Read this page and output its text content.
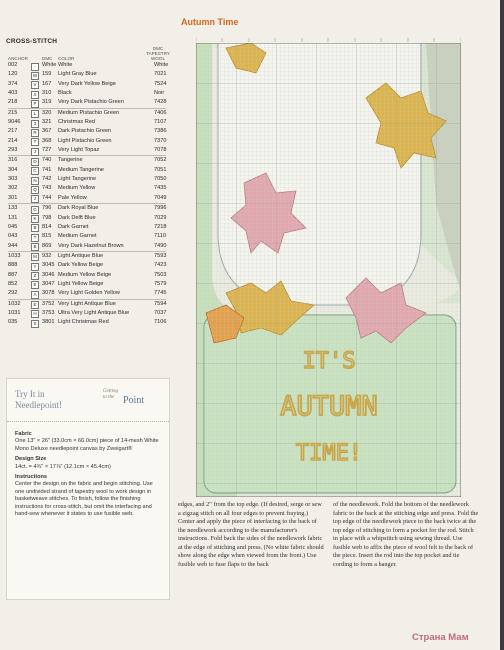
CROSS-STITCH
ANCHOR	DMC COLOR
DMC TAPESTRY WOOL
002	·	White White	White
120	W 159 Light Gray Blue	7021
374	V 167 Very Dark Yellow Beige	7524
403	X 310 Black	Noir
218	P 319 Very Dark Pistachio Green	7428
215	L	320 Medium Pistachio Green	7406
9046	3	321 Christmas Red	7107
217	R 367 Dark Pistachio Green	7386
214	T	368 Light Pistachio Green	7370
293	J	727 Very Light Topaz	7078
316	D 740 Tangerine	7052
304	C 741 Medium Tangerine	7051
303	N 742 Light Tangerine	7050
302	Q 743 Medium Yellow	7435
301	J	744 Pale Yellow	7049
133	G 796 Dark Royal Blue	7996
131	K 798 Dark Delft Blue	7029
045	B 814 Dark Garnet	7218
043	T	815 Medium Garnet	7110
944	B 869 Very Dark Hazelnut Brown	7490
1033	M 932 Light Antique Blue	7593
888	Y 3045 Dark Yellow Beige	7423
887	Z	3046 Medium Yellow Beige	7503
852	E 3047 Light Yellow Beige	7579
292	A 3078 Very Light Golden Yellow	7745
1032	E 3752 Very Light Antique Blue	7594
1031	H 3753 Ultra Very Light Antique Blue	7037
035	S 3801 Light Christmas Red	7106
Try It in
Needlepoint!
Getting
to the Point
Fabric
One 13" × 26" (33.0cm × 66.0cm) piece of 14-mesh White Mono Deluxe needlepoint canvas by Zweigart®
Design Size
14ct. = 4¾" × 17⅞" (12.1cm × 45.4cm)
Instructions
Center the design on the fabric and begin stitching. Use one undivided strand of tapestry wool to work design in basketweave stitches. To finish, follow the finishing instructions for cross-stitch, but omit the interfacing and hand-sew whenever it states to use fusible web.
Autumn Time
IT'S
AUTUMN
TIME!
edges, and 2" from the top edge. (If desired, serge or sew a zigzag stitch on all four edges to prevent fraying.) Center and apply the piece of interfacing to the back of the needlework according to the manufacturer's instructions. Fold back the sides of the needlework fabric at the edge of stitching and press. (No white fabric should show along the edge when viewed from the front.) Use fusible web to fuse flaps to the back
of the needlework. Fold the bottom of the needlework fabric to the back at the stitching edge and press. Fold the top edge of the needlework piece to the back twice at the top edge of stitching to form a pocket for the rod. Stitch in place with a whipstitch using sewing thread. Use fusible web to affix the piece of wool felt to the back of the piece. Insert the rod into the top pocket and tie cording to form a hanger.
Страна Мам
